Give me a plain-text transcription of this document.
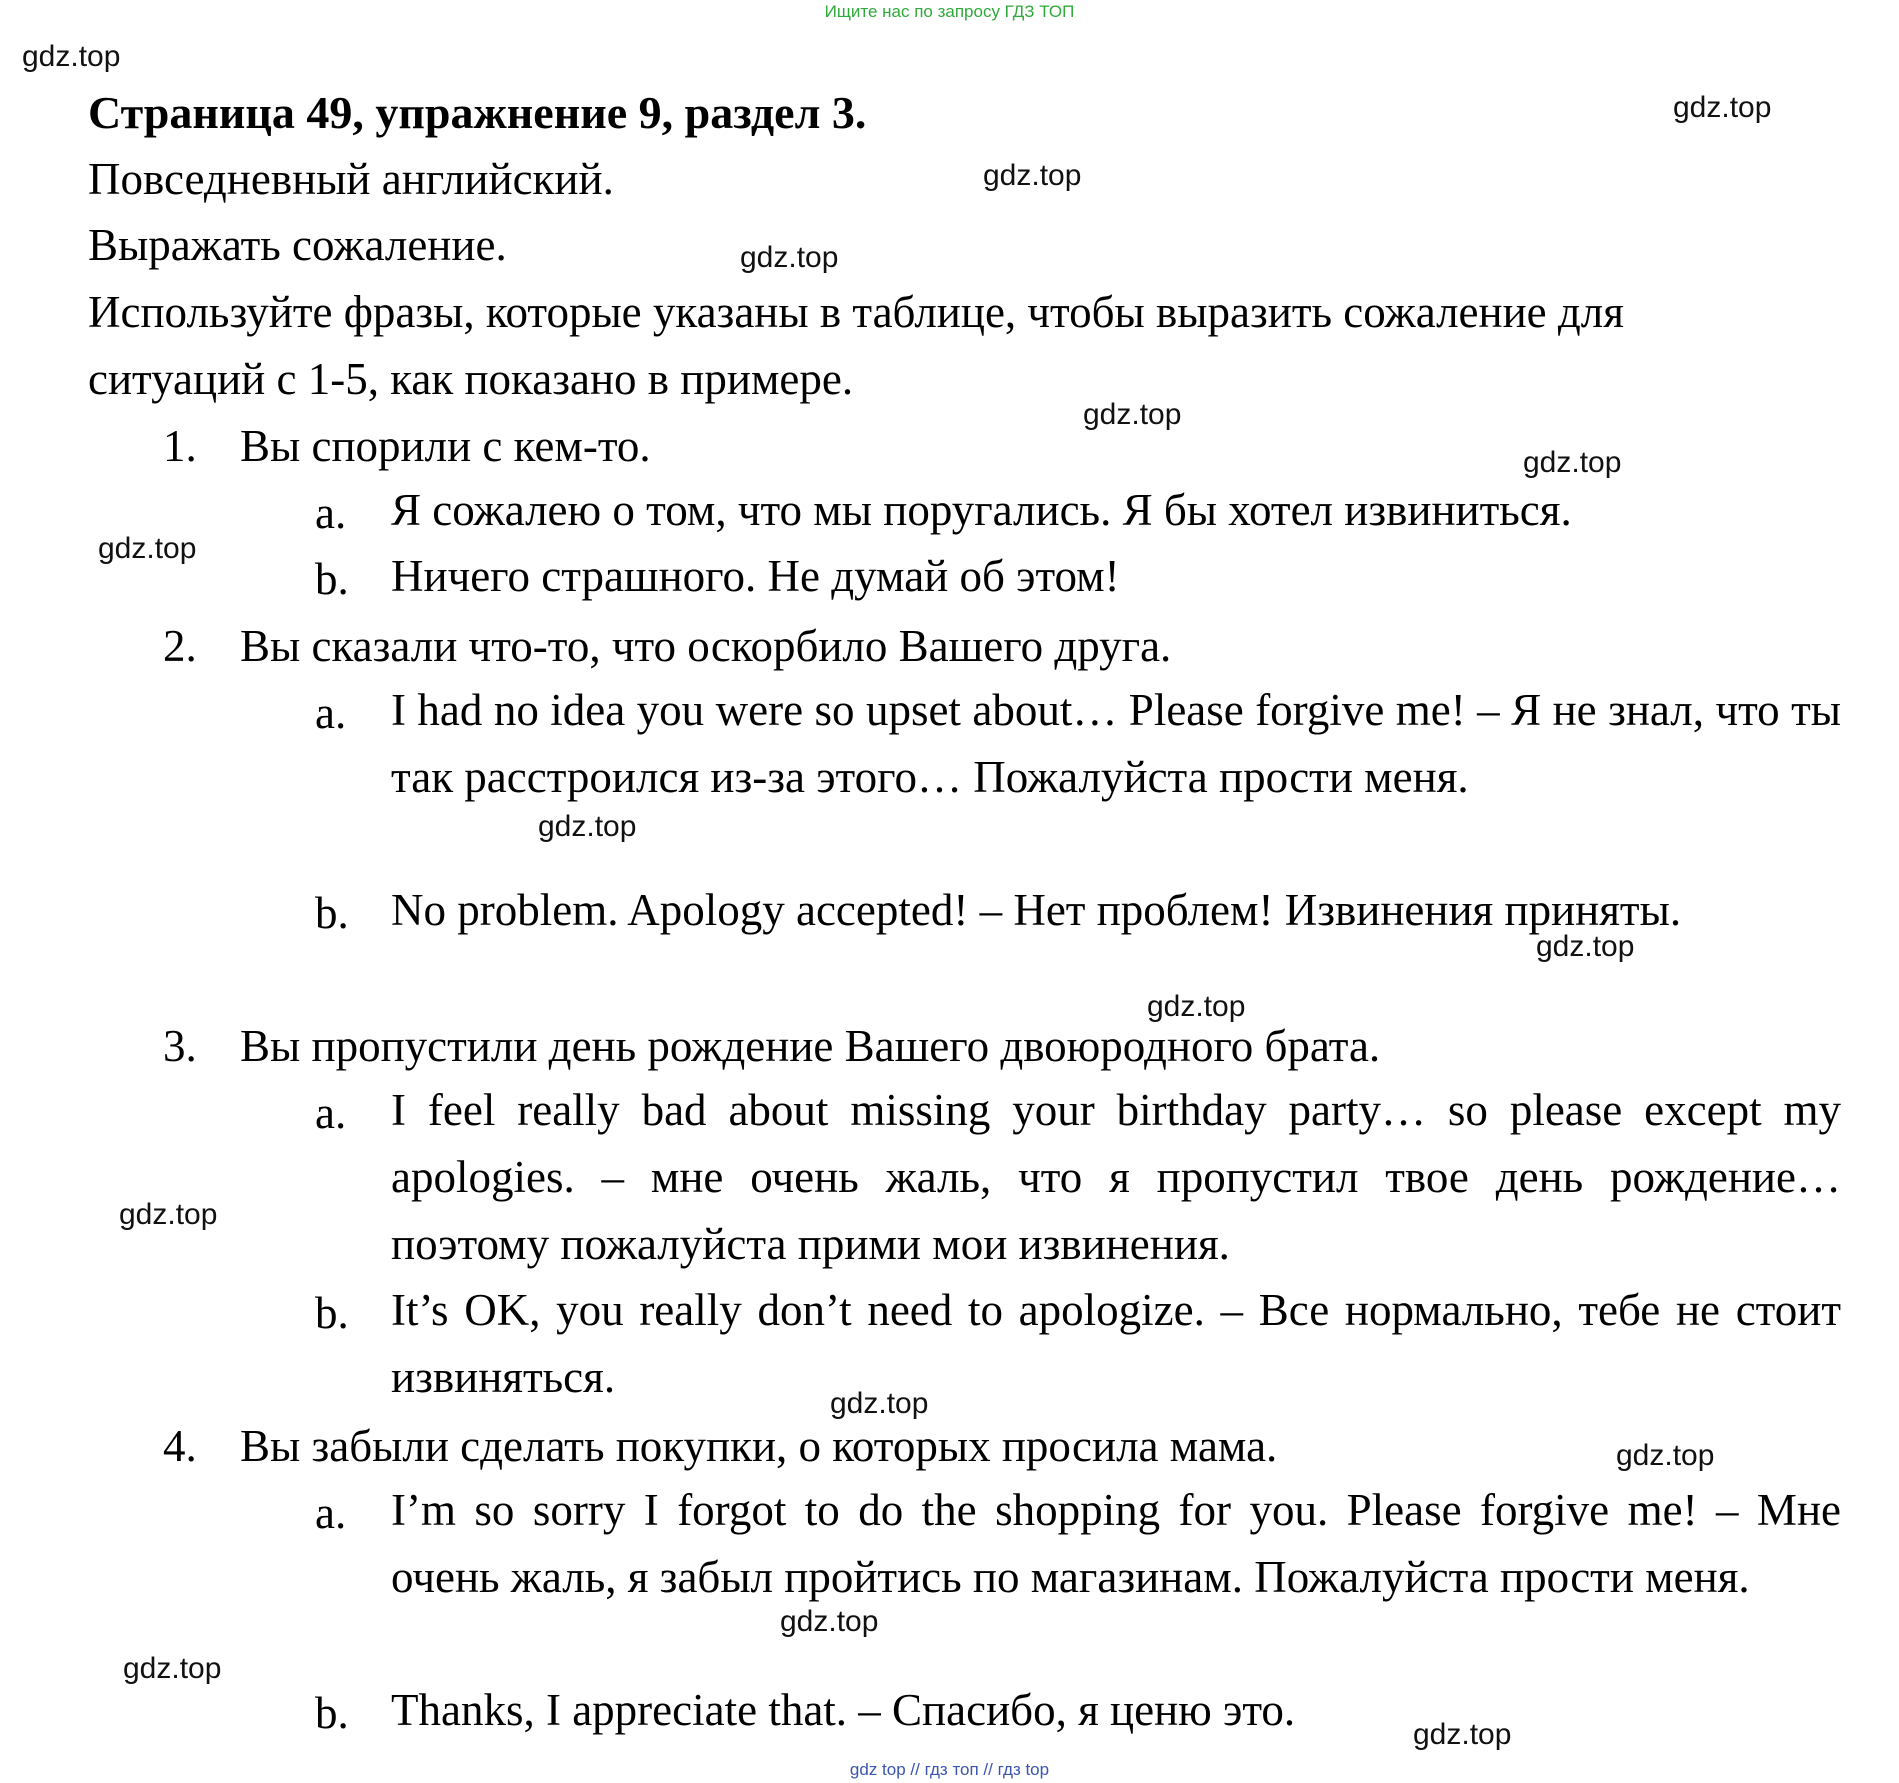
Ищите нас по запросу ГДЗ ТОП
Страница 49, упражнение 9, раздел 3.
Повседневный английский.
Выражать сожаление.
Используйте фразы, которые указаны в таблице, чтобы выразить сожаление для
ситуаций с 1-5, как показано в примере.
1. Вы спорили с кем-то.
a. Я сожалею о том, что мы поругались. Я бы хотел извиниться.
b. Ничего страшного. Не думай об этом!
2. Вы сказали что-то, что оскорбило Вашего друга.
a. I had no idea you were so upset about… Please forgive me! – Я не знал, что ты так расстроился из-за этого… Пожалуйста прости меня.
b. No problem. Apology accepted! – Нет проблем! Извинения приняты.
3. Вы пропустили день рождение Вашего двоюродного брата.
a. I feel really bad about missing your birthday party… so please except my apologies. – мне очень жаль, что я пропустил твое день рождение… поэтому пожалуйста прими мои извинения.
b. It’s OK, you really don’t need to apologize. – Все нормально, тебе не стоит извиняться.
4. Вы забыли сделать покупки, о которых просила мама.
a. I’m so sorry I forgot to do the shopping for you. Please forgive me! – Мне очень жаль, я забыл пройтись по магазинам. Пожалуйста прости меня.
b. Thanks, I appreciate that. – Спасибо, я ценю это.
gdz.top
gdz.top
gdz.top
gdz.top
gdz.top
gdz.top
gdz.top
gdz.top
gdz.top
gdz.top
gdz.top
gdz.top
gdz.top
gdz.top
gdz.top
gdz.top
gdz top // гдз топ // гдз top
